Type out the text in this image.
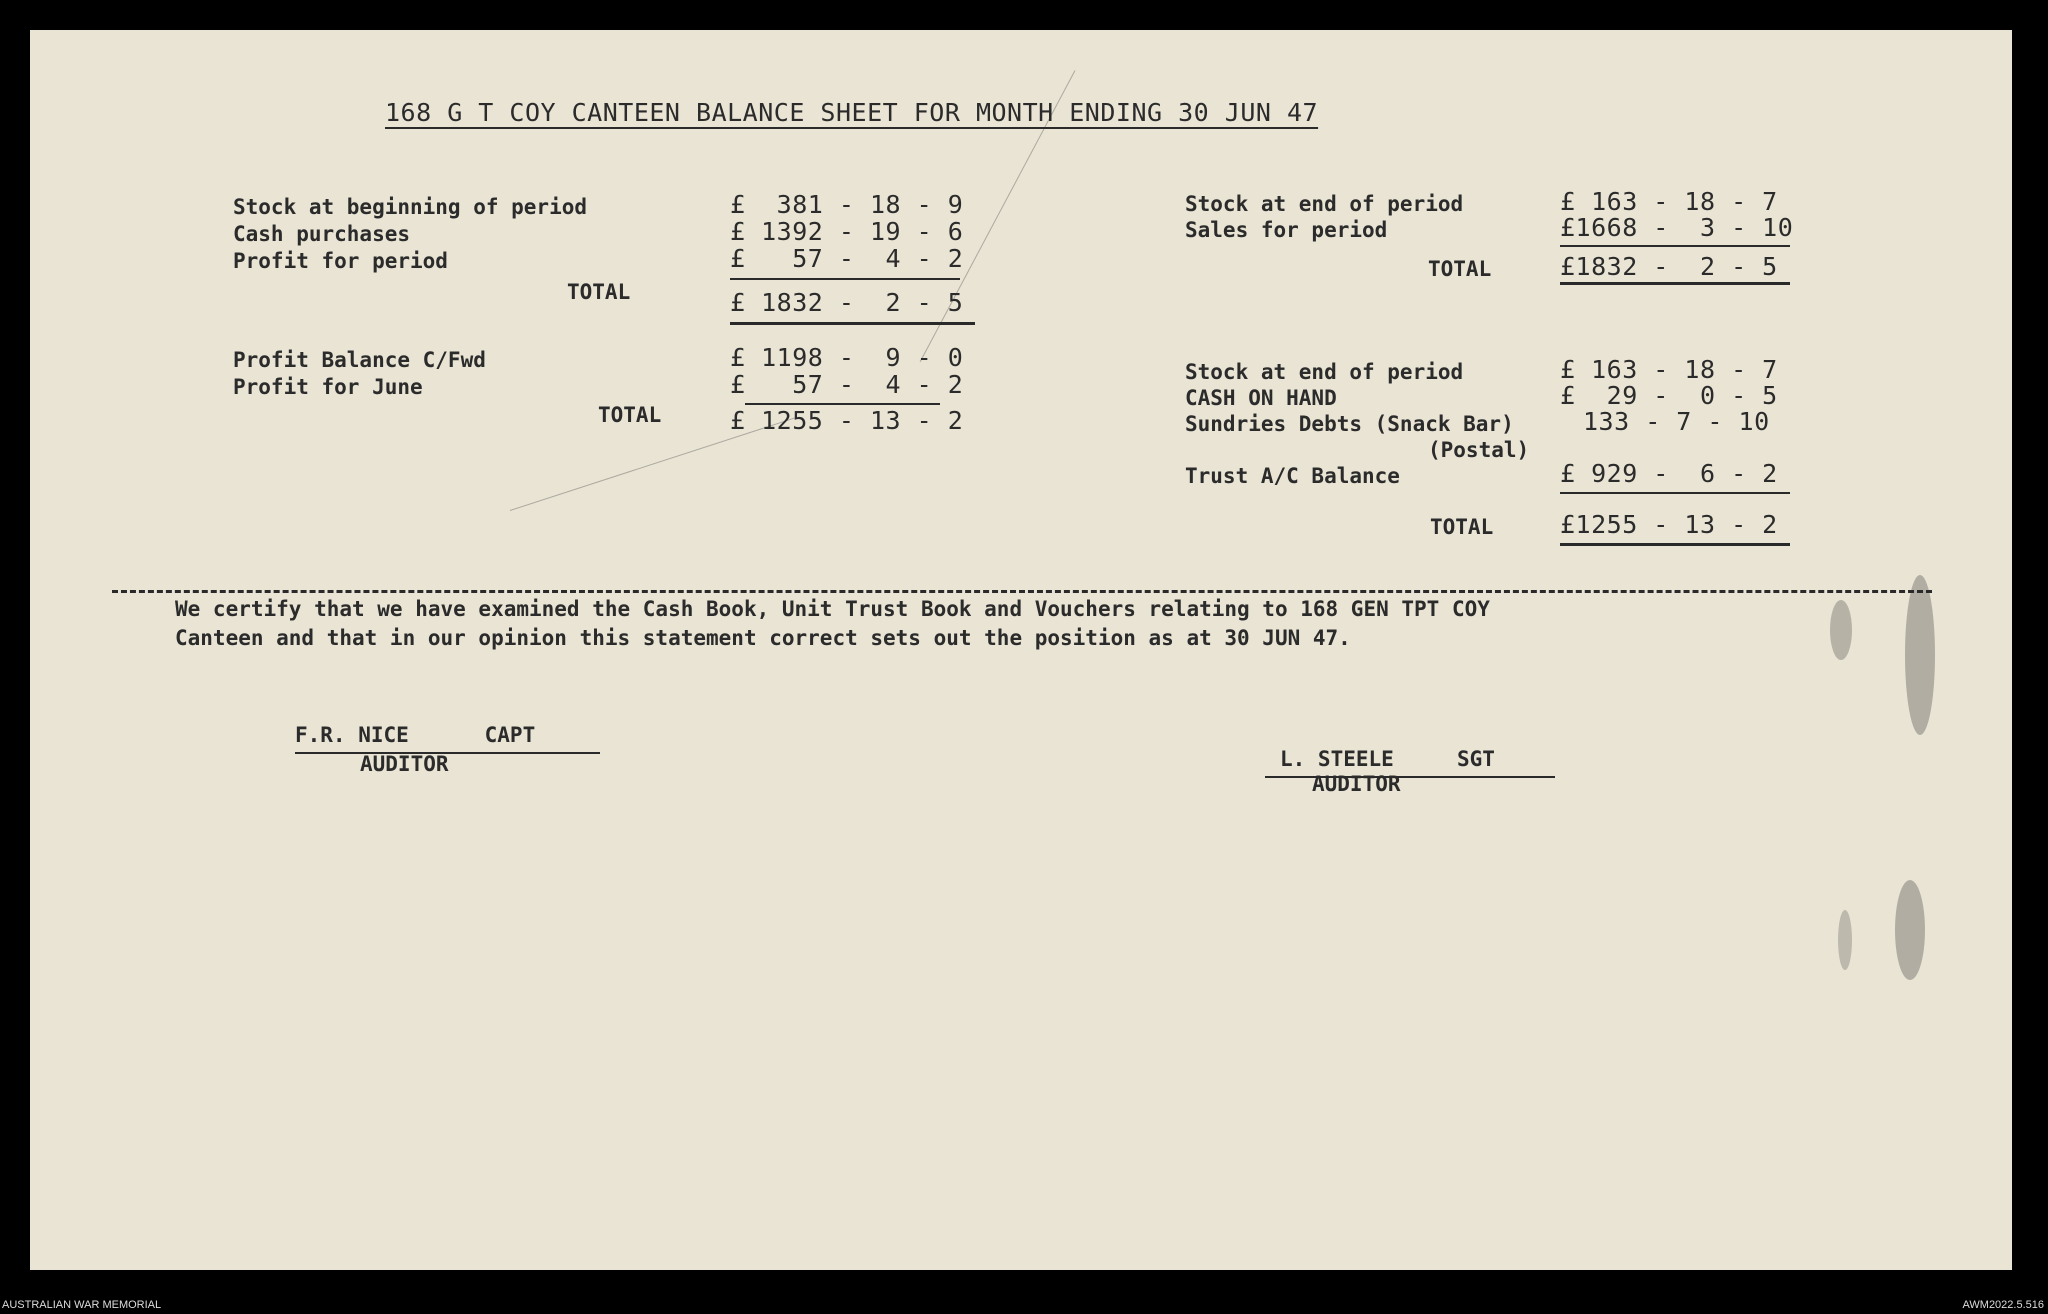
168 G T COY CANTEEN BALANCE SHEET FOR MONTH ENDING 30 JUN 47
Stock at beginning of period	£  381 - 18 - 9
Cash purchases	£ 1392 - 19 - 6
Profit for period	£   57 -  4 - 2
TOTAL	£ 1832 -  2 - 5
Profit Balance C/Fwd	£ 1198 -  9 - 0
Profit for June	£   57 -  4 - 2
TOTAL	£ 1255 - 13 - 2
Stock at end of period	£ 163 - 18 - 7
Sales for period	£1668 -  3 - 10
TOTAL	£1832 -  2 - 5
Stock at end of period	£ 163 - 18 - 7
CASH ON HAND	£  29 -  0 - 5
Sundries Debts (Snack Bar)	133 - 7 - 10
(Postal)
Trust A/C Balance	£ 929 -  6 - 2
TOTAL	£1255 - 13 - 2
We certify that we have examined the Cash Book, Unit Trust Book and Vouchers relating to 168 GEN TPT COY
Canteen and that in our opinion this statement correct sets out the position as at 30 JUN 47.
F.R. NICE      CAPT
AUDITOR	L. STEELE     SGT
AUDITOR
AUSTRALIAN WAR MEMORIAL	AWM2022.5.516
